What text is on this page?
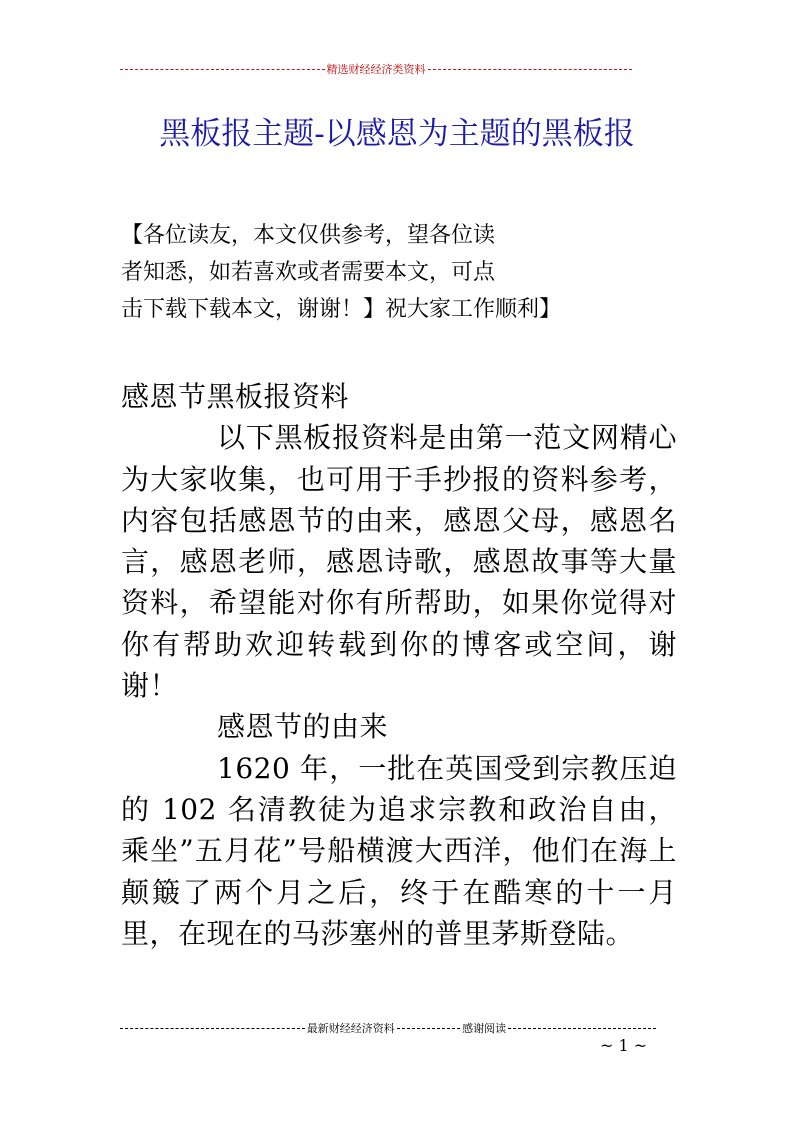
精选财经经济类资料
黑板报主题-以感恩为主题的黑板报
【各位读友，本文仅供参考，望各位读
者知悉，如若喜欢或者需要本文，可点
击下载下载本文，谢谢！】祝大家工作顺利】

感恩节黑板报资料

以下黑板报资料是由第一范文网精心为大家收集，也可用于手抄报的资料参考，内容包括感恩节的由来，感恩父母，感恩名言，感恩老师，感恩诗歌，感恩故事等大量资料，希望能对你有所帮助，如果你觉得对你有帮助欢迎转载到你的博客或空间，谢谢！

感恩节的由来

1620 年，一批在英国受到宗教压迫的 102 名清教徒为追求宗教和政治自由，乘坐”五月花”号船横渡大西洋，他们在海上颠簸了两个月之后，终于在酷寒的十一月里，在现在的马莎塞州的普里茅斯登陆。

最新财经经济资料	感谢阅读
~ 1 ~
